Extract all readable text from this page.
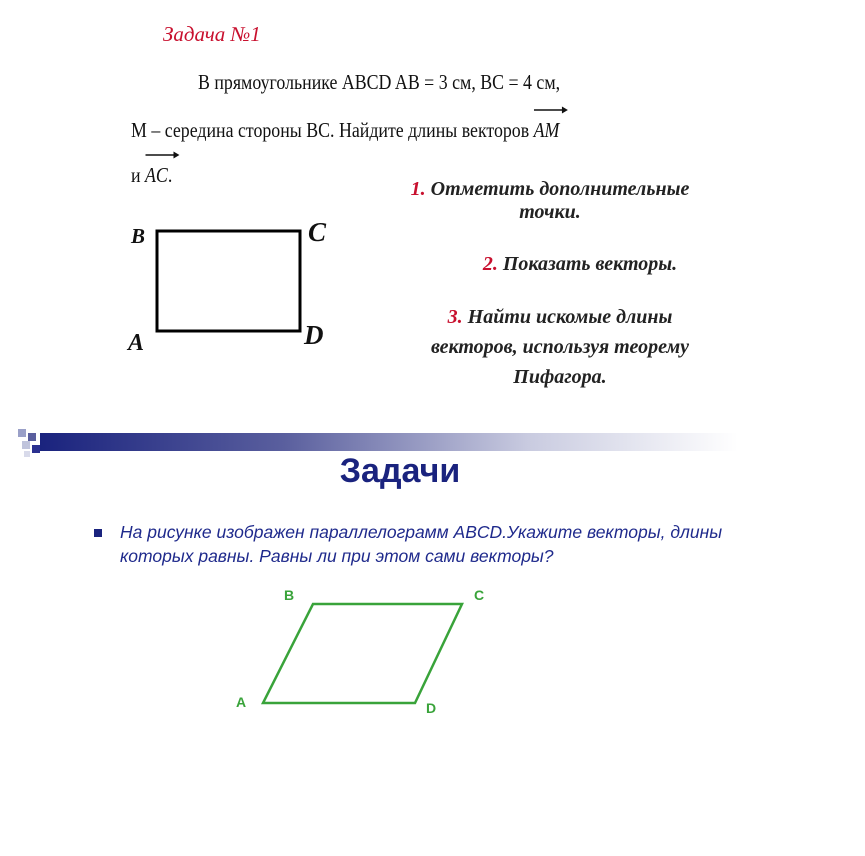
Задача №1
В прямоугольнике ABCD AB = 3 см, BC = 4 см,
M – середина стороны BC. Найдите длины векторов
AM
и
AC.
1. Отметить дополнительные
точки.
2. Показать векторы.
3. Найти искомые длины
векторов, используя теорему
Пифагора.
B	C
A	D
Задачи
На рисунке изображен параллелограмм ABCD.Укажите векторы, длины которых равны. Равны ли при этом сами векторы?
B	C
A	D
